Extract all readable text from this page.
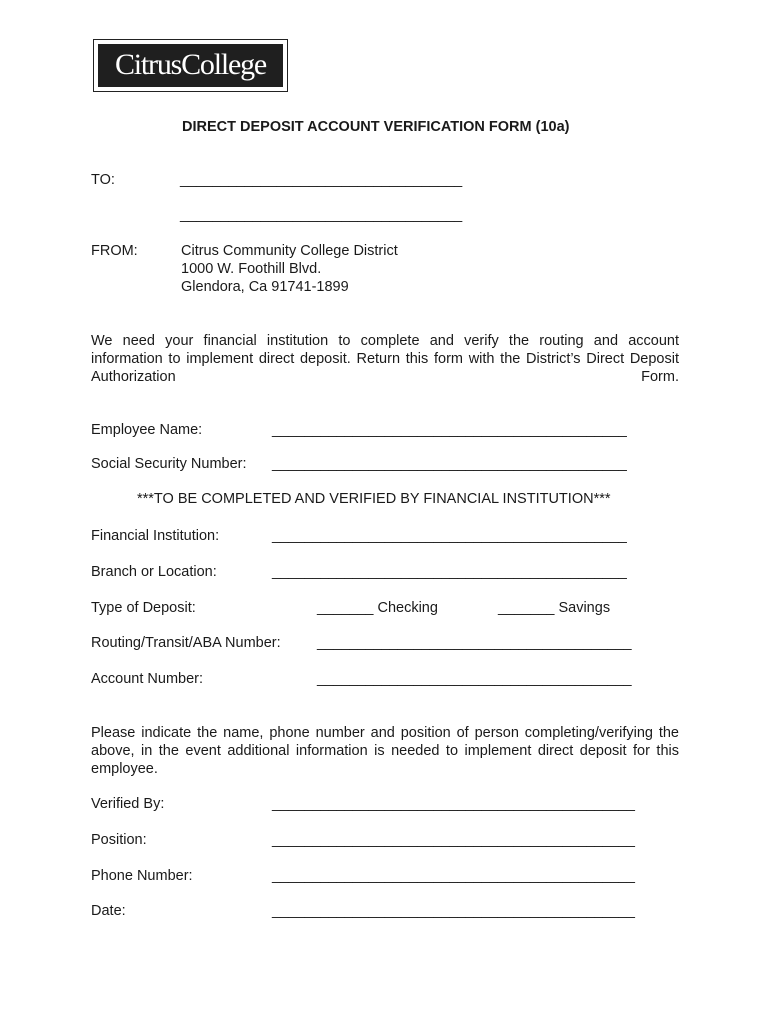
CitrusCollege
DIRECT DEPOSIT ACCOUNT VERIFICATION FORM (10a)
TO:	___________________________________
___________________________________
FROM:	Citrus Community College District
1000 W. Foothill Blvd.
Glendora, Ca 91741-1899
We need your financial institution to complete and verify the routing and account information to implement direct deposit. Return this form with the District’s Direct Deposit Authorization Form.
Employee Name:	____________________________________________
Social Security Number: ____________________________________________
***TO BE COMPLETED AND VERIFIED BY FINANCIAL INSTITUTION***
Financial Institution:	____________________________________________
Branch or Location:	____________________________________________
Type of Deposit:	_______ Checking	_______ Savings
Routing/Transit/ABA Number:	_______________________________________
Account Number:	_______________________________________
Please indicate the name, phone number and position of person completing/verifying the above, in the event additional information is needed to implement direct deposit for this employee.
Verified By:	_____________________________________________
Position:	_____________________________________________
Phone Number:	_____________________________________________
Date:	_____________________________________________
